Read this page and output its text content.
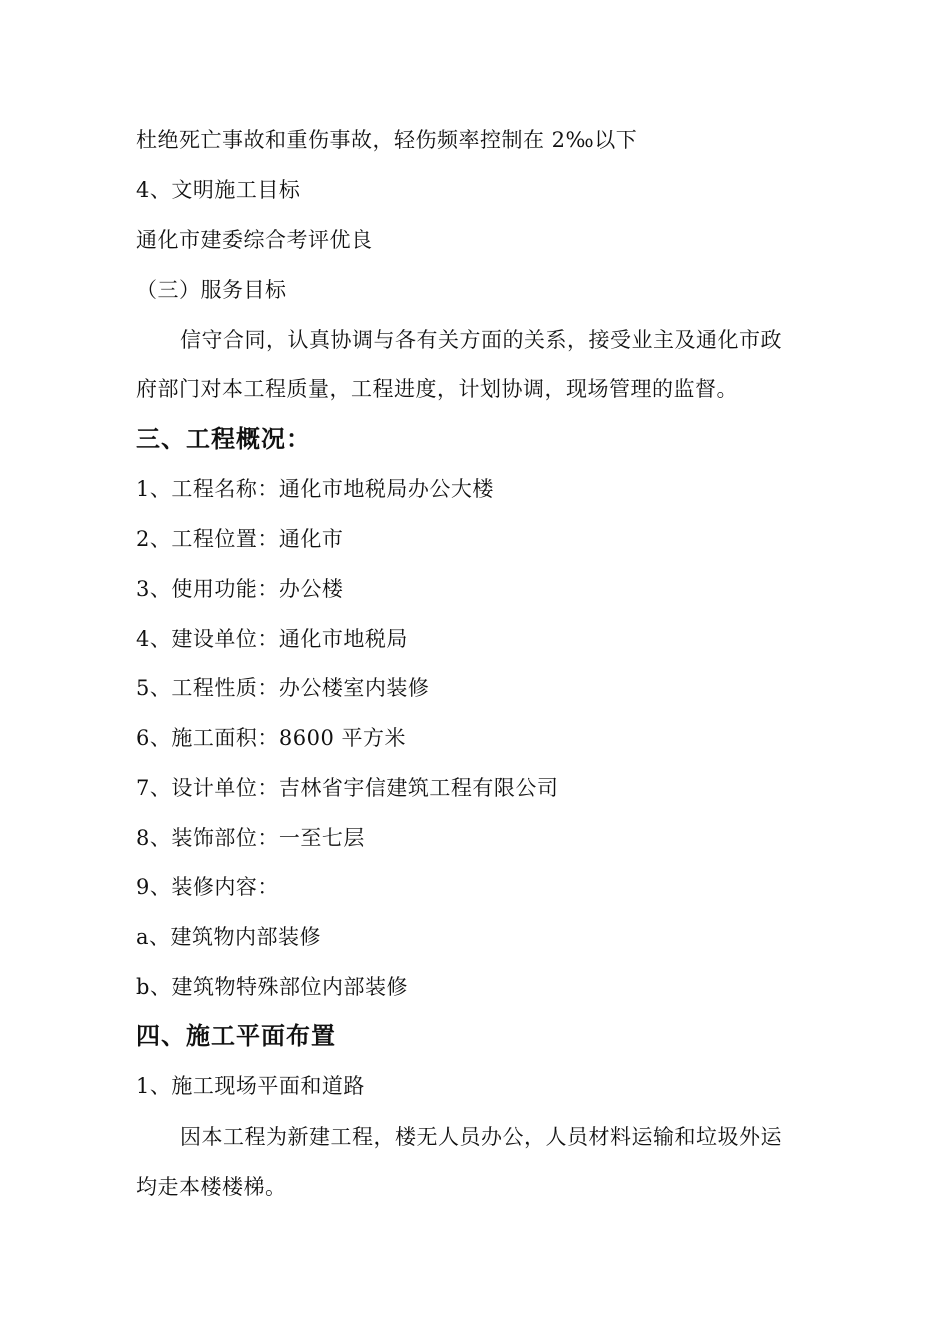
杜绝死亡事故和重伤事故，轻伤频率控制在 2‰以下
4、文明施工目标
通化市建委综合考评优良
（三）服务目标
信守合同，认真协调与各有关方面的关系，接受业主及通化市政
府部门对本工程质量，工程进度，计划协调，现场管理的监督。
三、工程概况：
1、工程名称：通化市地税局办公大楼
2、工程位置：通化市
3、使用功能：办公楼
4、建设单位：通化市地税局
5、工程性质：办公楼室内装修
6、施工面积：8600 平方米
7、设计单位：吉林省宇信建筑工程有限公司
8、装饰部位：一至七层
9、装修内容：
a、建筑物内部装修
b、建筑物特殊部位内部装修
四、施工平面布置
1、施工现场平面和道路
因本工程为新建工程，楼无人员办公，人员材料运输和垃圾外运
均走本楼楼梯。
